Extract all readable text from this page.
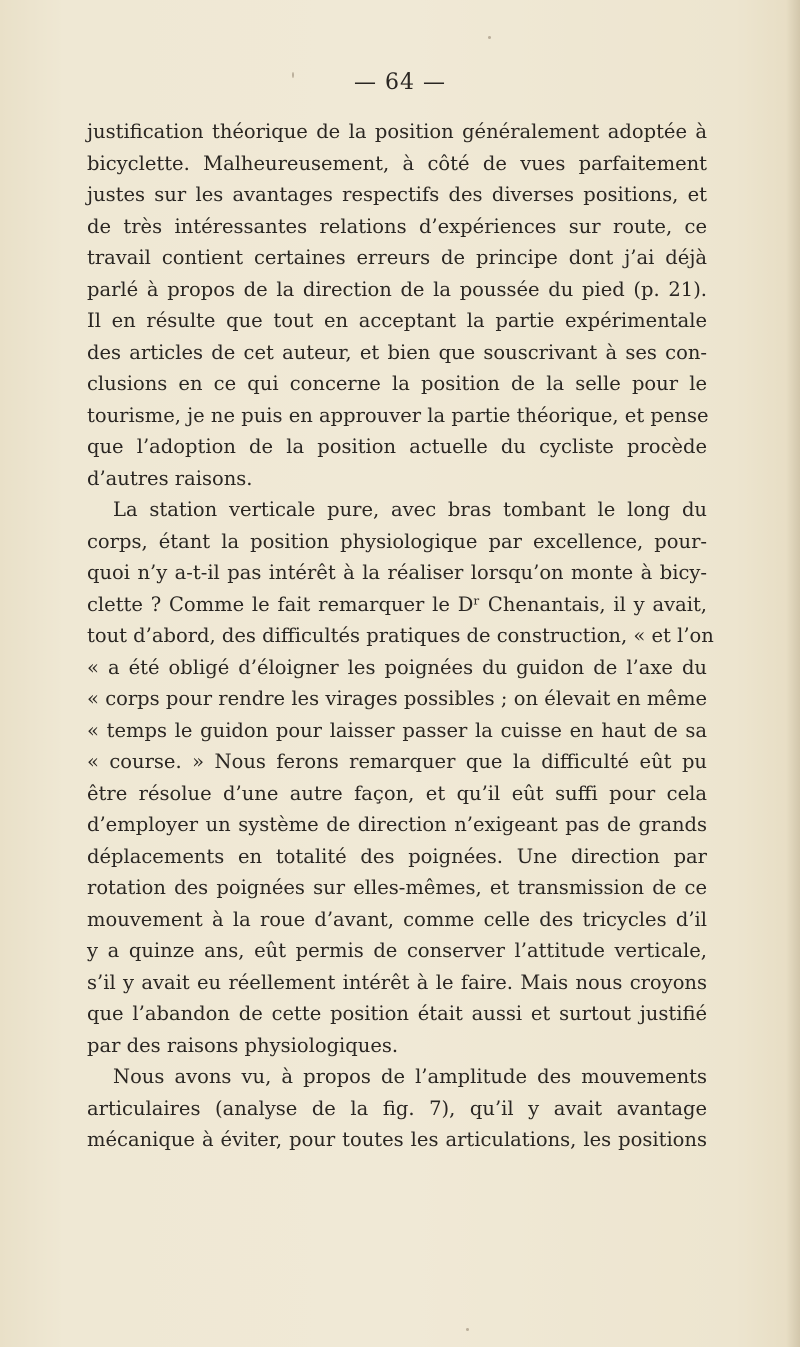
— 64 —
justification théorique de la position généralement adoptée à
bicyclette. Malheureusement, à côté de vues parfaitement
justes sur les avantages respectifs des diverses positions, et
de très intéressantes relations d’expériences sur route, ce
travail contient certaines erreurs de principe dont j’ai déjà
parlé à propos de la direction de la poussée du pied (p. 21).
Il en résulte que tout en acceptant la partie expérimentale
des articles de cet auteur, et bien que souscrivant à ses con-
clusions en ce qui concerne la position de la selle pour le
tourisme, je ne puis en approuver la partie théorique, et pense
que l’adoption de la position actuelle du cycliste procède
d’autres raisons.
La station verticale pure, avec bras tombant le long du
corps, étant la position physiologique par excellence, pour-
quoi n’y a-t-il pas intérêt à la réaliser lorsqu’on monte à bicy-
clette ? Comme le fait remarquer le Dʳ Chenantais, il y avait,
tout d’abord, des difficultés pratiques de construction, « et l’on
« a été obligé d’éloigner les poignées du guidon de l’axe du
« corps pour rendre les virages possibles ; on élevait en même
« temps le guidon pour laisser passer la cuisse en haut de sa
« course. » Nous ferons remarquer que la difficulté eût pu
être résolue d’une autre façon, et qu’il eût suffi pour cela
d’employer un système de direction n’exigeant pas de grands
déplacements en totalité des poignées. Une direction par
rotation des poignées sur elles-mêmes, et transmission de ce
mouvement à la roue d’avant, comme celle des tricycles d’il
y a quinze ans, eût permis de conserver l’attitude verticale,
s’il y avait eu réellement intérêt à le faire. Mais nous croyons
que l’abandon de cette position était aussi et surtout justifié
par des raisons physiologiques.
Nous avons vu, à propos de l’amplitude des mouvements
articulaires (analyse de la fig. 7), qu’il y avait avantage
mécanique à éviter, pour toutes les articulations, les positions
